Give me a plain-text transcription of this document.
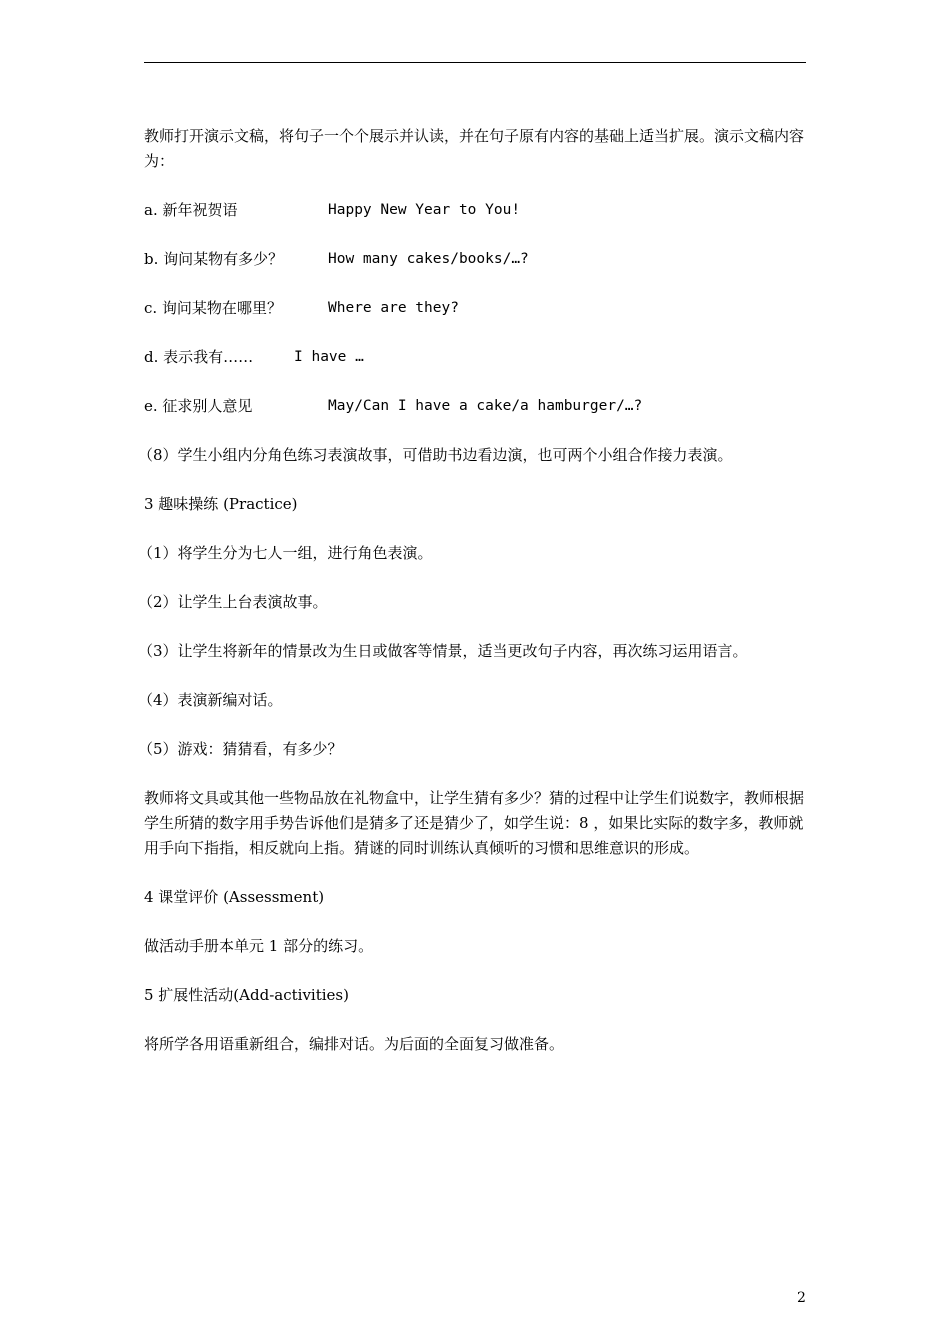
教师打开演示文稿，将句子一个个展示并认读，并在句子原有内容的基础上适当扩展。演示文稿内容为：

a. 新年祝贺语	Happy New Year to You!
b. 询问某物有多少？	How many cakes/books/…?
c. 询问某物在哪里？	Where are they?
d. 表示我有……	I have …
e. 征求别人意见	May/Can I have a cake/a hamburger/…?

（8）学生小组内分角色练习表演故事，可借助书边看边演，也可两个小组合作接力表演。

3 趣味操练 (Practice)

（1）将学生分为七人一组，进行角色表演。

（2）让学生上台表演故事。

（3）让学生将新年的情景改为生日或做客等情景，适当更改句子内容，再次练习运用语言。

（4）表演新编对话。

（5）游戏：猜猜看，有多少？

教师将文具或其他一些物品放在礼物盒中，让学生猜有多少？猜的过程中让学生们说数字，教师根据学生所猜的数字用手势告诉他们是猜多了还是猜少了，如学生说：8 ，如果比实际的数字多，教师就用手向下指指，相反就向上指。猜谜的同时训练认真倾听的习惯和思维意识的形成。

4 课堂评价 (Assessment)

做活动手册本单元 1 部分的练习。

5 扩展性活动(Add-activities)

将所学各用语重新组合，编排对话。为后面的全面复习做准备。

2
